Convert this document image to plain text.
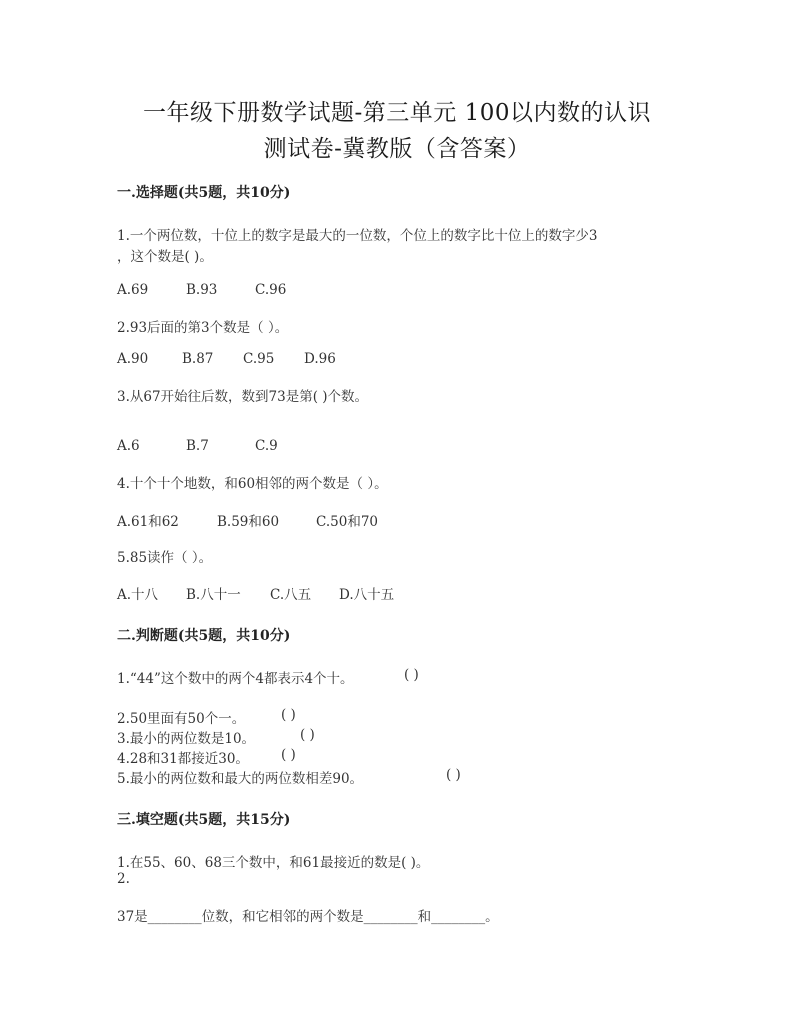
一年级下册数学试题-第三单元 100以内数的认识
测试卷-冀教版（含答案）
一.选择题(共5题，共10分)
1.一个两位数，十位上的数字是最大的一位数，个位上的数字比十位上的数字少3
，这个数是( )。
A.69	B.93	C.96
2.93后面的第3个数是（ ）。
A.90	B.87 C.95 D.96
3.从67开始往后数，数到73是第( )个数。
A.6	B.7	C.9
4.十个十个地数，和60相邻的两个数是（ ）。
A.61和62	B.59和60	C.50和70
5.85读作（ ）。
A.十八 B.八十一 C.八五 D.八十五
二.判断题(共5题，共10分)
1.“44”这个数中的两个4都表示4个十。	( )
2.50里面有50个一。	( )
3.最小的两位数是10。	( )
4.28和31都接近30。 ( )
5.最小的两位数和最大的两位数相差90。	( )
三.填空题(共5题，共15分)
1.在55、60、68三个数中，和61最接近的数是( )。
2.
37是________位数，和它相邻的两个数是________和________。
